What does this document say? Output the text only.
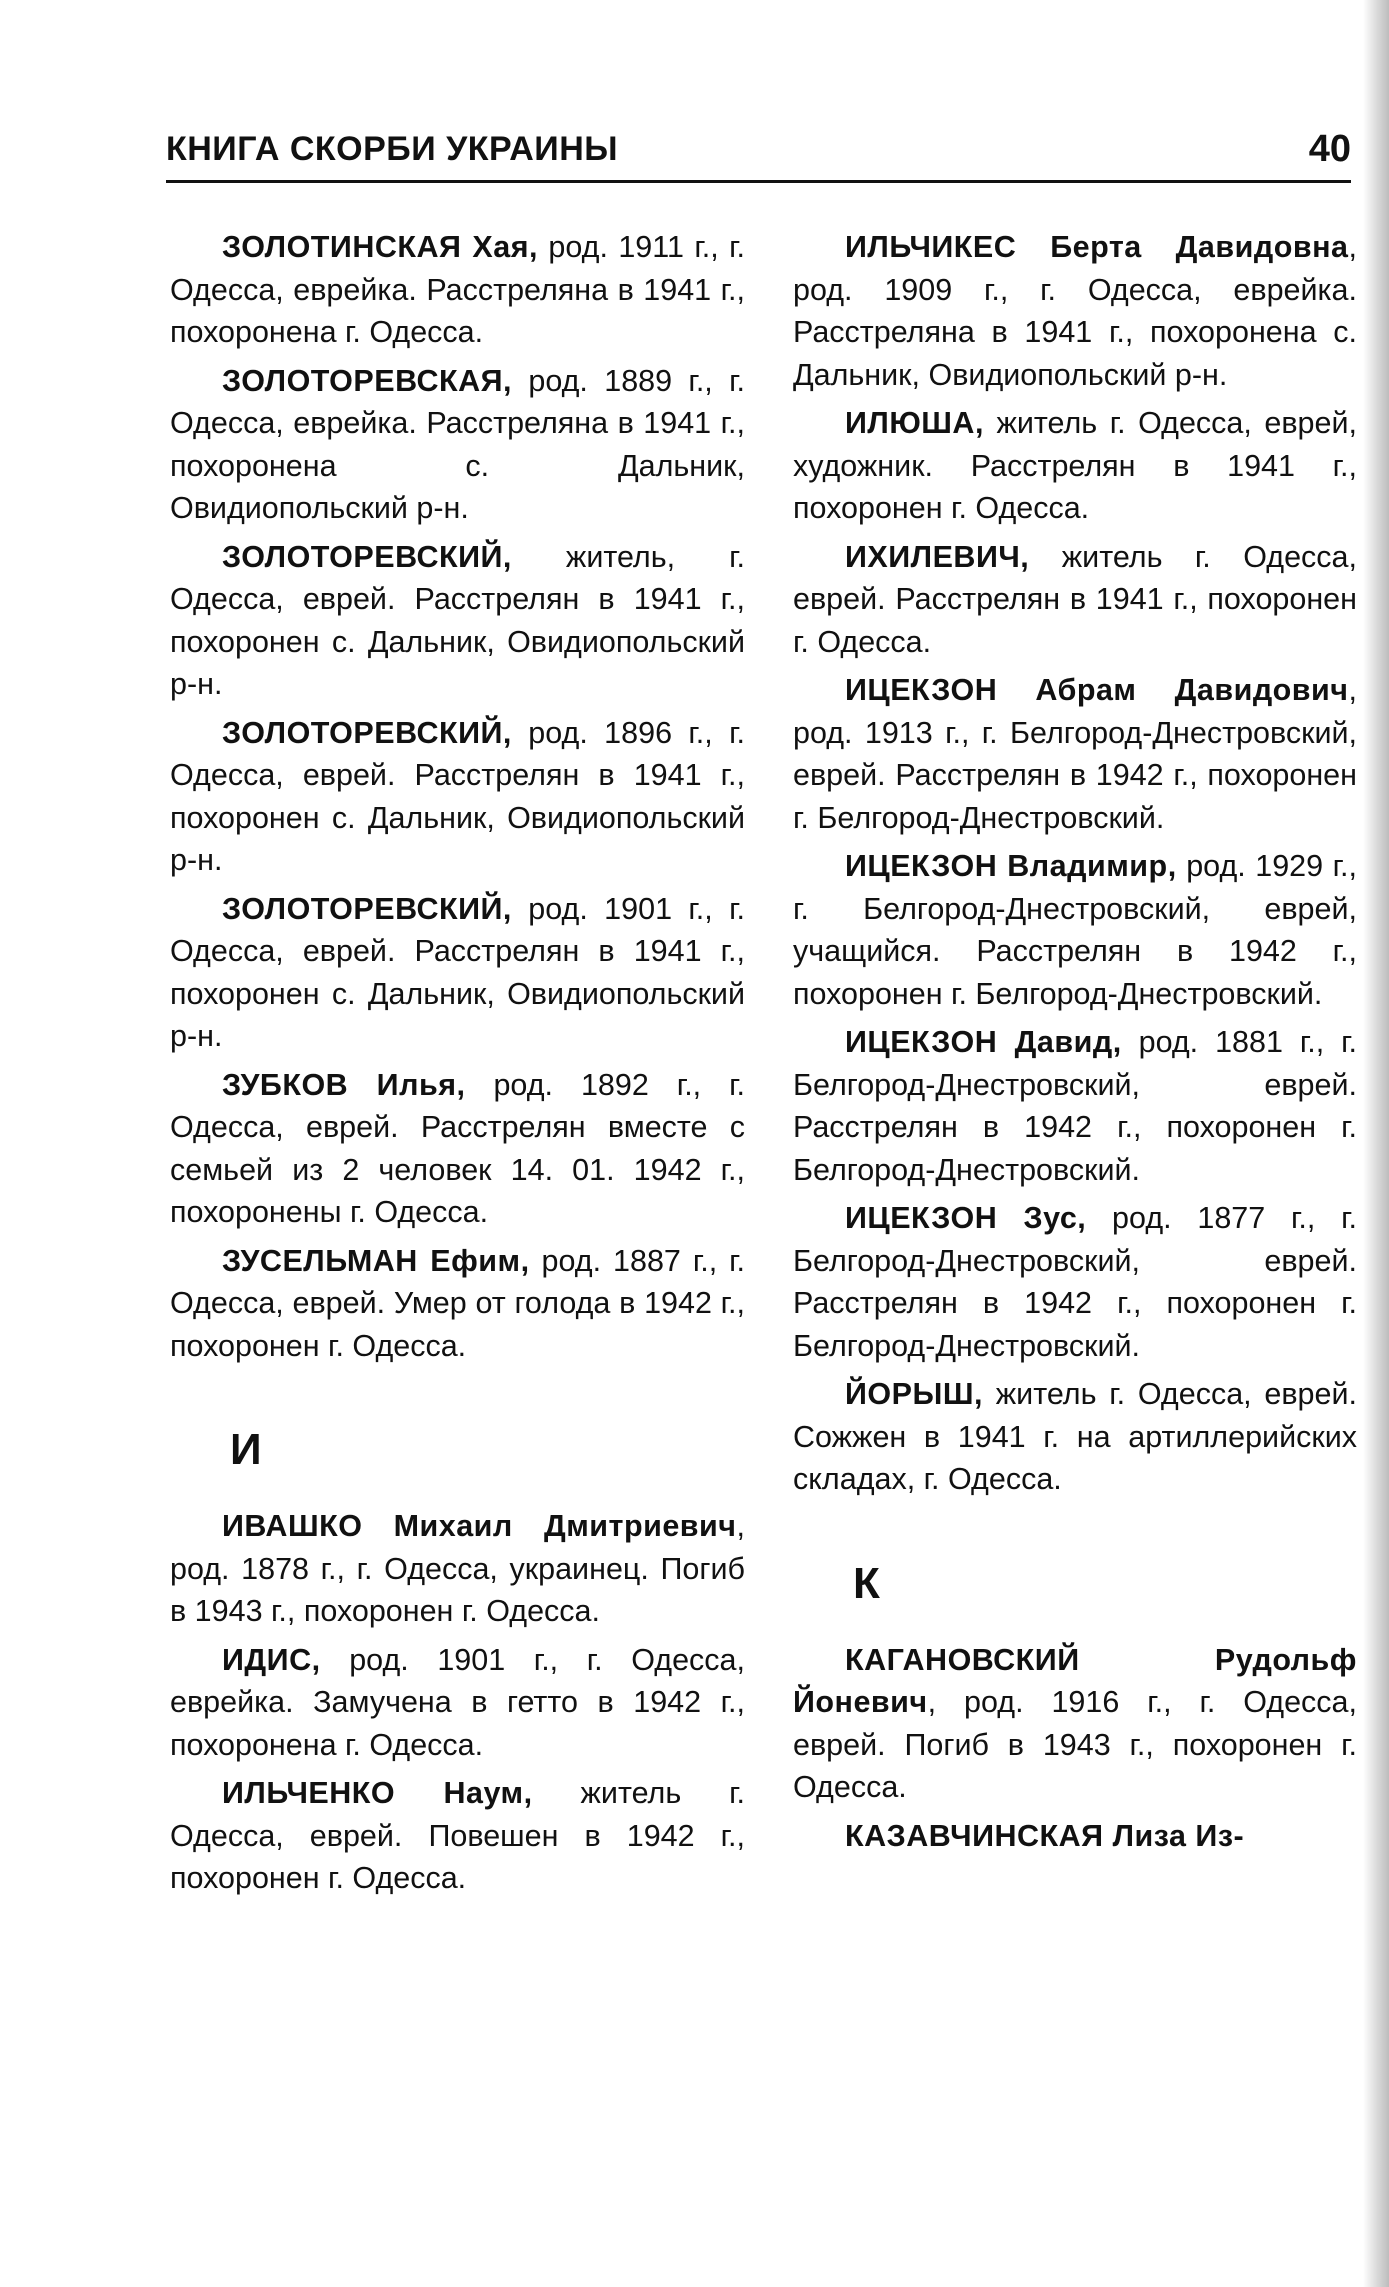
КНИГА СКОРБИ УКРАИНЫ	40

ЗОЛОТИНСКАЯ Хая, род. 1911 г., г. Одесса, еврейка. Расстреляна в 1941 г., похоронена г. Одесса.

ЗОЛОТОРЕВСКАЯ, род. 1889 г., г. Одесса, еврейка. Расстреляна в 1941 г., похоронена с. Дальник, Овидиопольский р-н.

ЗОЛОТОРЕВСКИЙ, житель, г. Одесса, еврей. Расстрелян в 1941 г., похоронен с. Дальник, Овидиопольский р-н.

ЗОЛОТОРЕВСКИЙ, род. 1896 г., г. Одесса, еврей. Расстрелян в 1941 г., похоронен с. Дальник, Овидиопольский р-н.

ЗОЛОТОРЕВСКИЙ, род. 1901 г., г. Одесса, еврей. Расстрелян в 1941 г., похоронен с. Дальник, Овидиопольский р-н.

ЗУБКОВ Илья, род. 1892 г., г. Одесса, еврей. Расстрелян вместе с семьей из 2 человек 14. 01. 1942 г., похоронены г. Одесса.

ЗУСЕЛЬМАН Ефим, род. 1887 г., г. Одесса, еврей. Умер от голода в 1942 г., похоронен г. Одесса.

И

ИВАШКО Михаил Дмитриевич, род. 1878 г., г. Одесса, украинец. Погиб в 1943 г., похоронен г. Одесса.

ИДИС, род. 1901 г., г. Одесса, еврейка. Замучена в гетто в 1942 г., похоронена г. Одесса.

ИЛЬЧЕНКО Наум, житель г. Одесса, еврей. Повешен в 1942 г., похоронен г. Одесса.

ИЛЬЧИКЕС Берта Давидовна, род. 1909 г., г. Одесса, еврейка. Расстреляна в 1941 г., похоронена с. Дальник, Овидиопольский р-н.

ИЛЮША, житель г. Одесса, еврей, художник. Расстрелян в 1941 г., похоронен г. Одесса.

ИХИЛЕВИЧ, житель г. Одесса, еврей. Расстрелян в 1941 г., похоронен г. Одесса.

ИЦЕКЗОН Абрам Давидович, род. 1913 г., г. Белгород-Днестровский, еврей. Расстрелян в 1942 г., похоронен г. Белгород-Днестровский.

ИЦЕКЗОН Владимир, род. 1929 г., г. Белгород-Днестровский, еврей, учащийся. Расстрелян в 1942 г., похоронен г. Белгород-Днестровский.

ИЦЕКЗОН Давид, род. 1881 г., г. Белгород-Днестровский, еврей. Расстрелян в 1942 г., похоронен г. Белгород-Днестровский.

ИЦЕКЗОН Зус, род. 1877 г., г. Белгород-Днестровский, еврей. Расстрелян в 1942 г., похоронен г. Белгород-Днестровский.

ЙОРЫШ, житель г. Одесса, еврей. Сожжен в 1941 г. на артиллерийских складах, г. Одесса.

К

КАГАНОВСКИЙ Рудольф Йоневич, род. 1916 г., г. Одесса, еврей. Погиб в 1943 г., похоронен г. Одесса.

КАЗАВЧИНСКАЯ Лиза Из-
